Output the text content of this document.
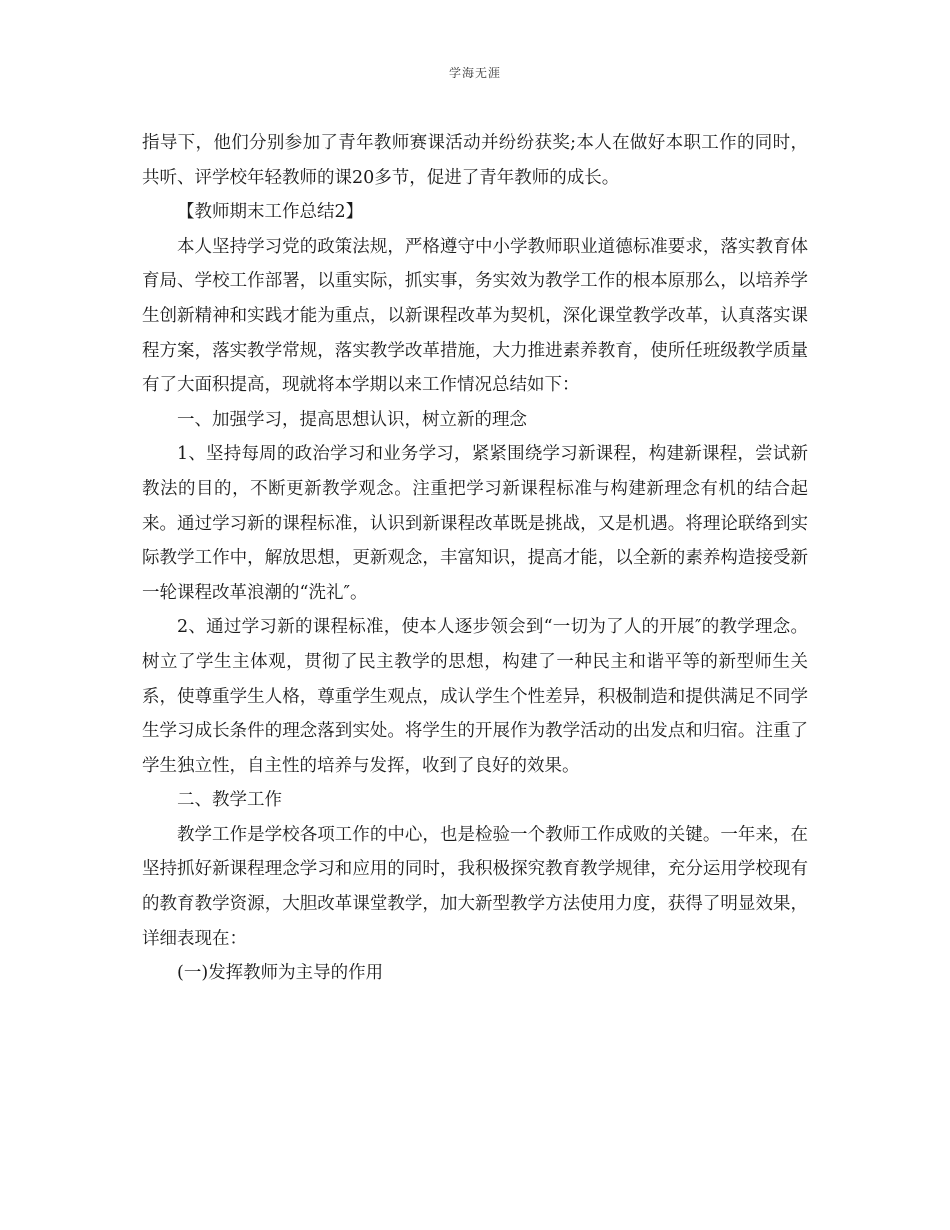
学海无涯

指导下，他们分别参加了青年教师赛课活动并纷纷获奖;本人在做好本职工作的同时，共听、评学校年轻教师的课20多节，促进了青年教师的成长。

【教师期末工作总结2】

本人坚持学习党的政策法规，严格遵守中小学教师职业道德标准要求，落实教育体育局、学校工作部署，以重实际，抓实事，务实效为教学工作的根本原那么，以培养学生创新精神和实践才能为重点，以新课程改革为契机，深化课堂教学改革，认真落实课程方案，落实教学常规，落实教学改革措施，大力推进素养教育，使所任班级教学质量有了大面积提高，现就将本学期以来工作情况总结如下：

一、加强学习，提高思想认识，树立新的理念

1、坚持每周的政治学习和业务学习，紧紧围绕学习新课程，构建新课程，尝试新教法的目的，不断更新教学观念。注重把学习新课程标准与构建新理念有机的结合起来。通过学习新的课程标准，认识到新课程改革既是挑战，又是机遇。将理论联络到实际教学工作中，解放思想，更新观念，丰富知识，提高才能，以全新的素养构造接受新一轮课程改革浪潮的“洗礼″。

2、通过学习新的课程标准，使本人逐步领会到“一切为了人的开展″的教学理念。树立了学生主体观，贯彻了民主教学的思想，构建了一种民主和谐平等的新型师生关系，使尊重学生人格，尊重学生观点，成认学生个性差异，积极制造和提供满足不同学生学习成长条件的理念落到实处。将学生的开展作为教学活动的出发点和归宿。注重了学生独立性，自主性的培养与发挥，收到了良好的效果。

二、教学工作

教学工作是学校各项工作的中心，也是检验一个教师工作成败的关键。一年来，在坚持抓好新课程理念学习和应用的同时，我积极探究教育教学规律，充分运用学校现有的教育教学资源，大胆改革课堂教学，加大新型教学方法使用力度，获得了明显效果，详细表现在：

(一)发挥教师为主导的作用
